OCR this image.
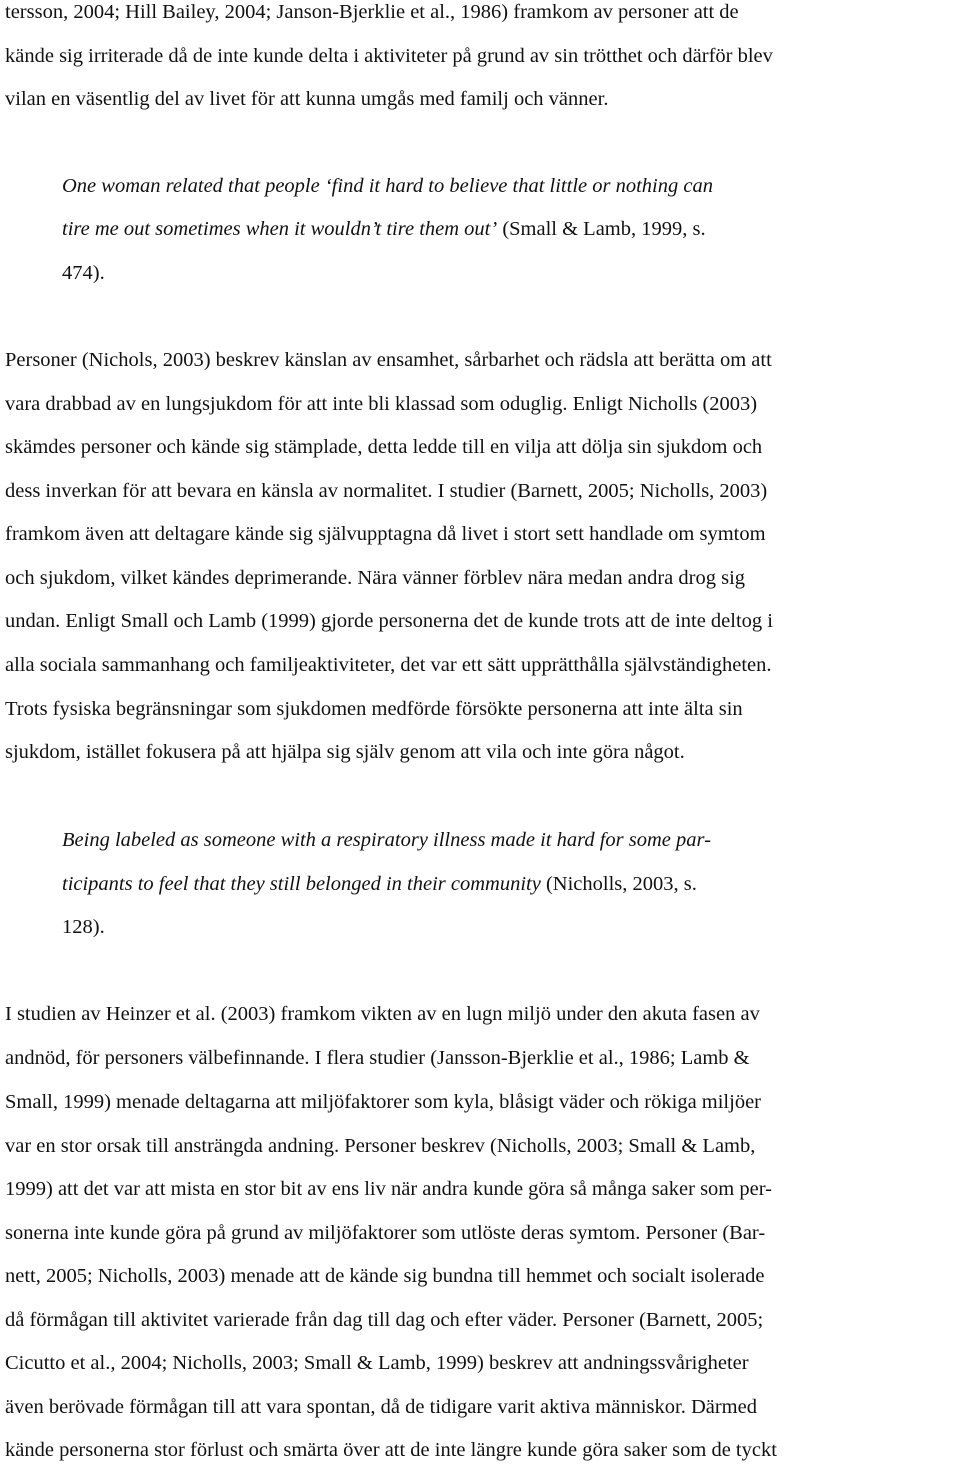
tersson, 2004; Hill Bailey, 2004; Janson-Bjerklie et al., 1986) framkom av personer att de

kände sig irriterade då de inte kunde delta i aktiviteter på grund av sin trötthet och därför blev

vilan en väsentlig del av livet för att kunna umgås med familj och vänner.

One woman related that people ‘find it hard to believe that little or nothing can

tire me out sometimes when it wouldn’t tire them out’ (Small & Lamb, 1999, s.

474).

Personer (Nichols, 2003) beskrev känslan av ensamhet, sårbarhet och rädsla att berätta om att

vara drabbad av en lungsjukdom för att inte bli klassad som oduglig. Enligt Nicholls (2003)

skämdes personer och kände sig stämplade, detta ledde till en vilja att dölja sin sjukdom och

dess inverkan för att bevara en känsla av normalitet. I studier (Barnett, 2005; Nicholls, 2003)

framkom även att deltagare kände sig självupptagna då livet i stort sett handlade om symtom

och sjukdom, vilket kändes deprimerande. Nära vänner förblev nära medan andra drog sig

undan. Enligt Small och Lamb (1999) gjorde personerna det de kunde trots att de inte deltog i

alla sociala sammanhang och familjeaktiviteter, det var ett sätt upprätthålla självständigheten.

Trots fysiska begränsningar som sjukdomen medförde försökte personerna att inte älta sin

sjukdom, istället fokusera på att hjälpa sig själv genom att vila och inte göra något.

Being labeled as someone with a respiratory illness made it hard for some par-

ticipants to feel that they still belonged in their community (Nicholls, 2003, s.

128).

I studien av Heinzer et al. (2003) framkom vikten av en lugn miljö under den akuta fasen av

andnöd, för personers välbefinnande. I flera studier (Jansson-Bjerklie et al., 1986; Lamb &

Small, 1999) menade deltagarna att miljöfaktorer som kyla, blåsigt väder och rökiga miljöer

var en stor orsak till ansträngda andning. Personer beskrev (Nicholls, 2003; Small & Lamb,

1999) att det var att mista en stor bit av ens liv när andra kunde göra så många saker som per-

sonerna inte kunde göra på grund av miljöfaktorer som utlöste deras symtom. Personer (Bar-

nett, 2005; Nicholls, 2003) menade att de kände sig bundna till hemmet och socialt isolerade

då förmågan till aktivitet varierade från dag till dag och efter väder. Personer (Barnett, 2005;

Cicutto et al., 2004; Nicholls, 2003; Small & Lamb, 1999) beskrev att andningssvårigheter

även berövade förmågan till att vara spontan, då de tidigare varit aktiva människor. Därmed

kände personerna stor förlust och smärta över att de inte längre kunde göra saker som de tyckt
